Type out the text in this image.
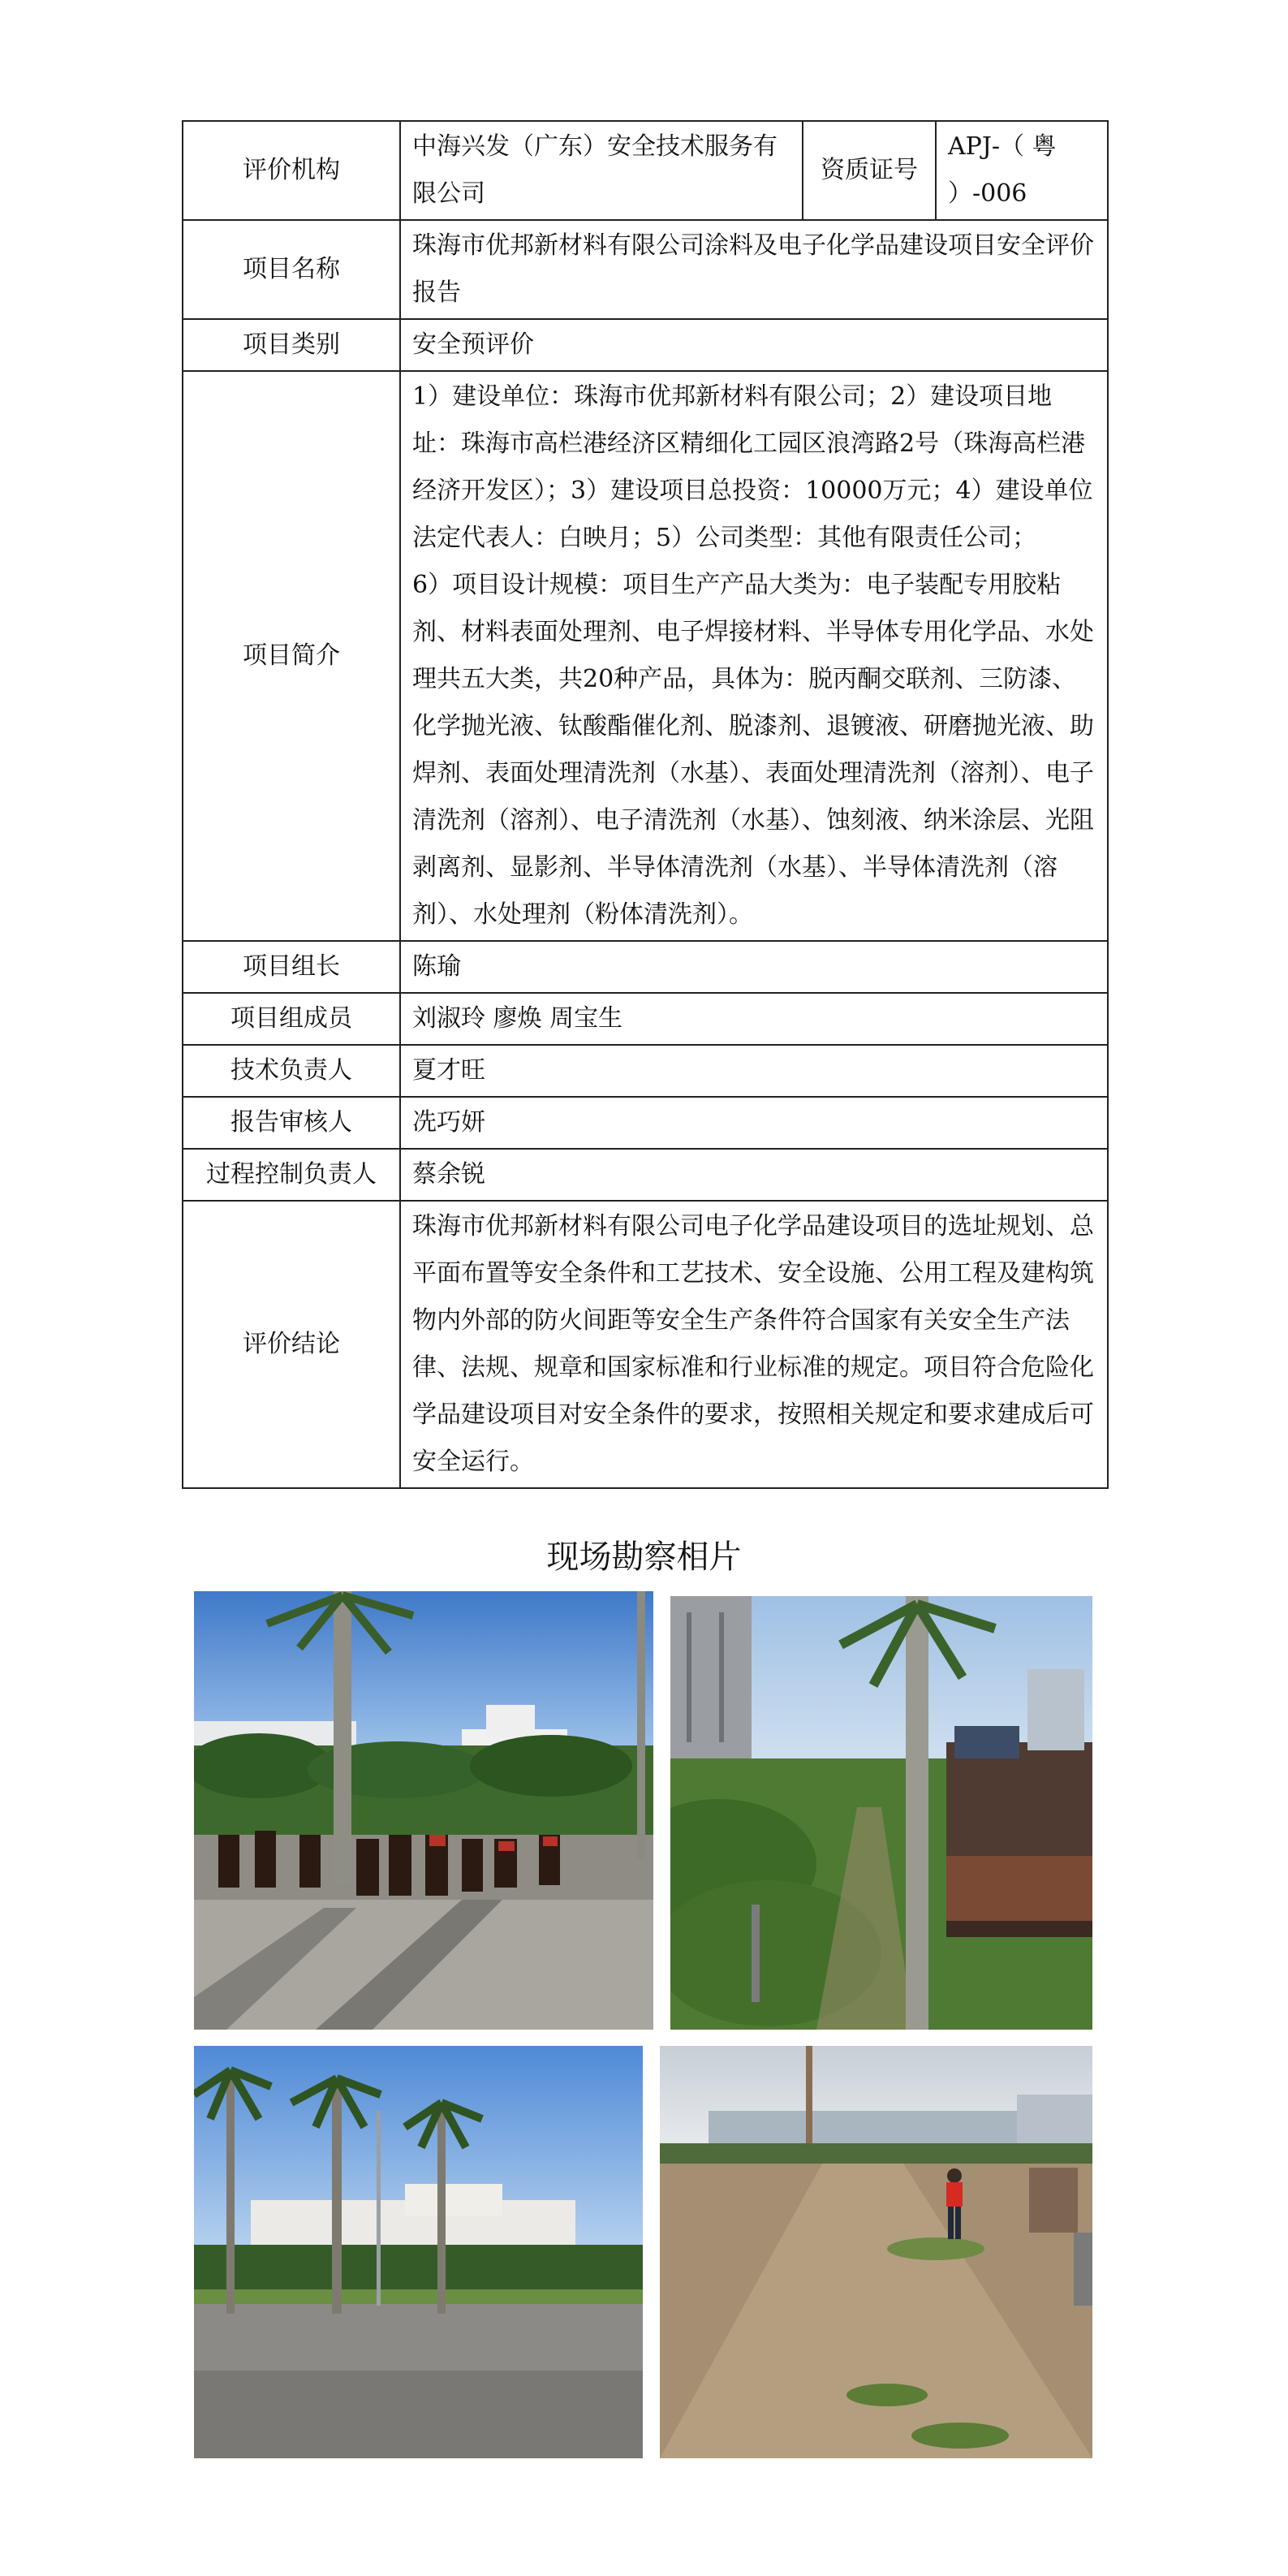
评价机构	中海兴发（广东）安全技术服务有限公司	资质证号	APJ-（ 粤 ）-006
项目名称	珠海市优邦新材料有限公司涂料及电子化学品建设项目安全评价报告		
项目类别	安全预评价		
项目简介	1）建设单位：珠海市优邦新材料有限公司；2）建设项目地址：珠海市高栏港经济区精细化工园区浪湾路2号（珠海高栏港经济开发区）；3）建设项目总投资：10000万元；4）建设单位法定代表人：白映月；5）公司类型：其他有限责任公司；
6）项目设计规模：项目生产产品大类为：电子装配专用胶粘剂、材料表面处理剂、电子焊接材料、半导体专用化学品、水处理共五大类，共20种产品，具体为：脱丙酮交联剂、三防漆、化学抛光液、钛酸酯催化剂、脱漆剂、退镀液、研磨抛光液、助焊剂、表面处理清洗剂（水基）、表面处理清洗剂（溶剂）、电子清洗剂（溶剂）、电子清洗剂（水基）、蚀刻液、纳米涂层、光阻剥离剂、显影剂、半导体清洗剂（水基）、半导体清洗剂（溶剂）、水处理剂（粉体清洗剂）。		

项目组长	陈瑜		
项目组成员	刘淑玲 廖焕 周宝生		
技术负责人	夏才旺		
报告审核人	冼巧妍		
过程控制负责人	蔡余锐		
评价结论	珠海市优邦新材料有限公司电子化学品建设项目的选址规划、总平面布置等安全条件和工艺技术、安全设施、公用工程及建构筑物内外部的防火间距等安全生产条件符合国家有关安全生产法律、法规、规章和国家标准和行业标准的规定。项目符合危险化学品建设项目对安全条件的要求，按照相关规定和要求建成后可安全运行。		
现场勘察相片
